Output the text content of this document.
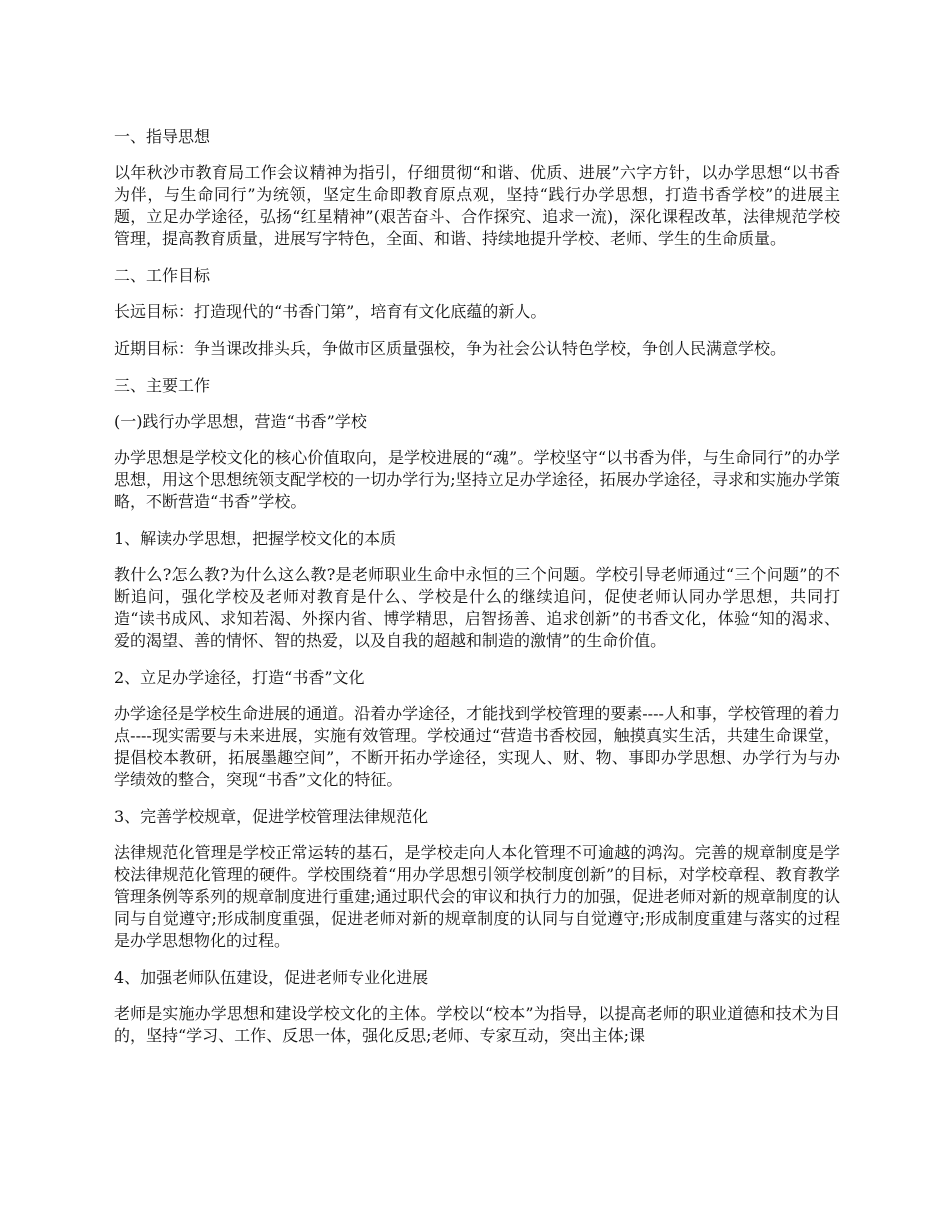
一、指导思想

以年秋沙市教育局工作会议精神为指引，仔细贯彻“和谐、优质、进展”六字方针，以办学思想“以书香为伴，与生命同行”为统领，坚定生命即教育原点观，坚持“践行办学思想，打造书香学校”的进展主题，立足办学途径，弘扬“红星精神”(艰苦奋斗、合作探究、追求一流)，深化课程改革，法律规范学校管理，提高教育质量，进展写字特色，全面、和谐、持续地提升学校、老师、学生的生命质量。

二、工作目标

长远目标：打造现代的“书香门第”，培育有文化底蕴的新人。

近期目标：争当课改排头兵，争做市区质量强校，争为社会公认特色学校，争创人民满意学校。

三、主要工作

(一)践行办学思想，营造“书香”学校

办学思想是学校文化的核心价值取向，是学校进展的“魂”。学校坚守“以书香为伴，与生命同行”的办学思想，用这个思想统领支配学校的一切办学行为;坚持立足办学途径，拓展办学途径，寻求和实施办学策略，不断营造“书香”学校。

1、解读办学思想，把握学校文化的本质

教什么?怎么教?为什么这么教?是老师职业生命中永恒的三个问题。学校引导老师通过“三个问题”的不断追问，强化学校及老师对教育是什么、学校是什么的继续追问，促使老师认同办学思想，共同打造“读书成风、求知若渴、外探内省、博学精思，启智扬善、追求创新”的书香文化，体验“知的渴求、爱的渴望、善的情怀、智的热爱，以及自我的超越和制造的激情”的生命价值。

2、立足办学途径，打造“书香”文化

办学途径是学校生命进展的通道。沿着办学途径，才能找到学校管理的要素----人和事，学校管理的着力点----现实需要与未来进展，实施有效管理。学校通过“营造书香校园，触摸真实生活，共建生命课堂，提倡校本教研，拓展墨趣空间”，不断开拓办学途径，实现人、财、物、事即办学思想、办学行为与办学绩效的整合，突现“书香”文化的特征。

3、完善学校规章，促进学校管理法律规范化

法律规范化管理是学校正常运转的基石，是学校走向人本化管理不可逾越的鸿沟。完善的规章制度是学校法律规范化管理的硬件。学校围绕着“用办学思想引领学校制度创新”的目标，对学校章程、教育教学管理条例等系列的规章制度进行重建;通过职代会的审议和执行力的加强，促进老师对新的规章制度的认同与自觉遵守;形成制度重强，促进老师对新的规章制度的认同与自觉遵守;形成制度重建与落实的过程是办学思想物化的过程。

4、加强老师队伍建设，促进老师专业化进展

老师是实施办学思想和建设学校文化的主体。学校以“校本”为指导，以提高老师的职业道德和技术为目的，坚持“学习、工作、反思一体，强化反思;老师、专家互动，突出主体;课
